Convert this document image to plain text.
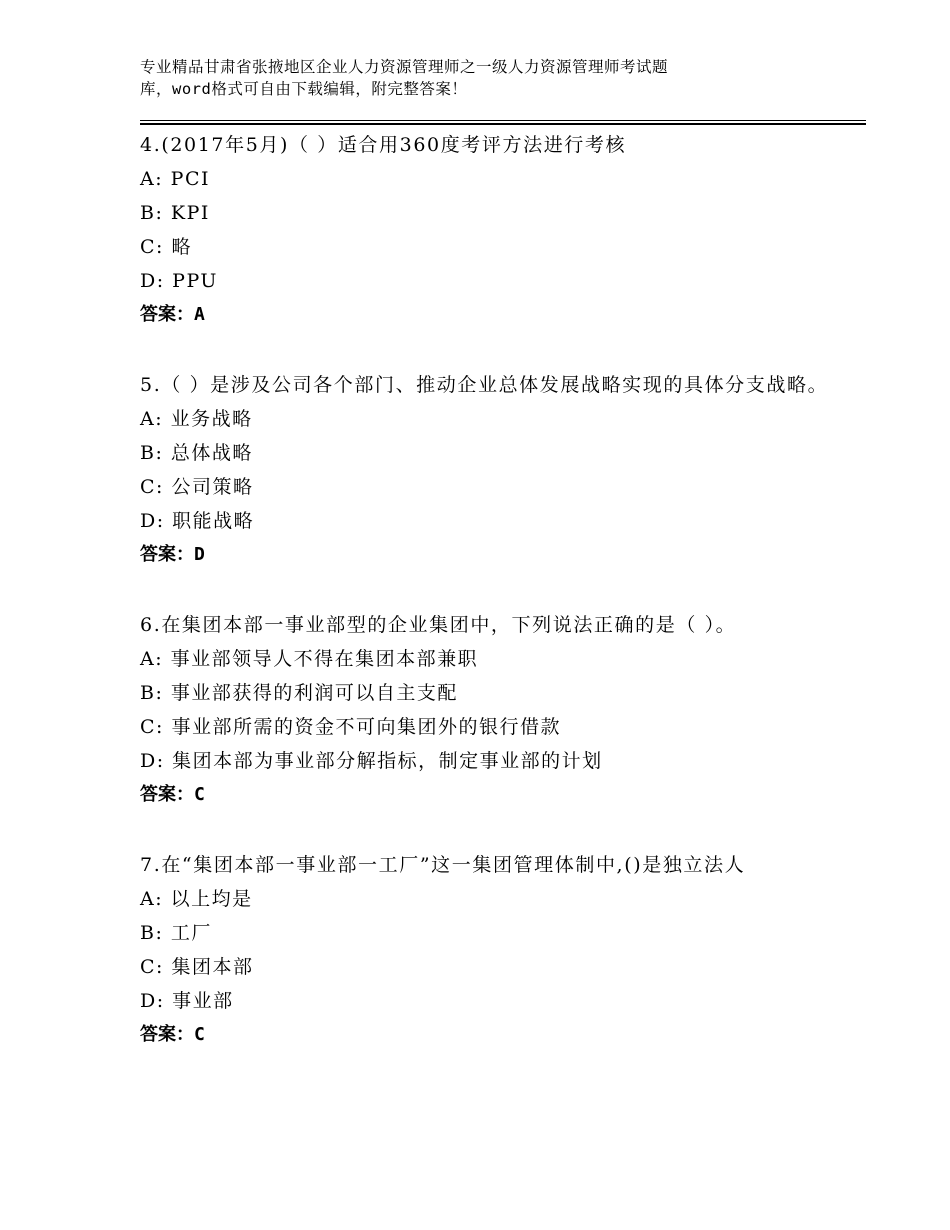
专业精品甘肃省张掖地区企业人力资源管理师之一级人力资源管理师考试题
库，word格式可自由下载编辑，附完整答案！
4.(2017年5月)（ ）适合用360度考评方法进行考核
A: PCI
B: KPI
C: 略
D: PPU
答案：A
5.（ ）是涉及公司各个部门、推动企业总体发展战略实现的具体分支战略。
A: 业务战略
B: 总体战略
C: 公司策略
D: 职能战略
答案：D
6.在集团本部一事业部型的企业集团中，下列说法正确的是（ ）。
A: 事业部领导人不得在集团本部兼职
B: 事业部获得的利润可以自主支配
C: 事业部所需的资金不可向集团外的银行借款
D: 集团本部为事业部分解指标，制定事业部的计划
答案：C
7.在“集团本部一事业部一工厂”这一集团管理体制中,()是独立法人
A: 以上均是
B: 工厂
C: 集团本部
D: 事业部
答案：C
